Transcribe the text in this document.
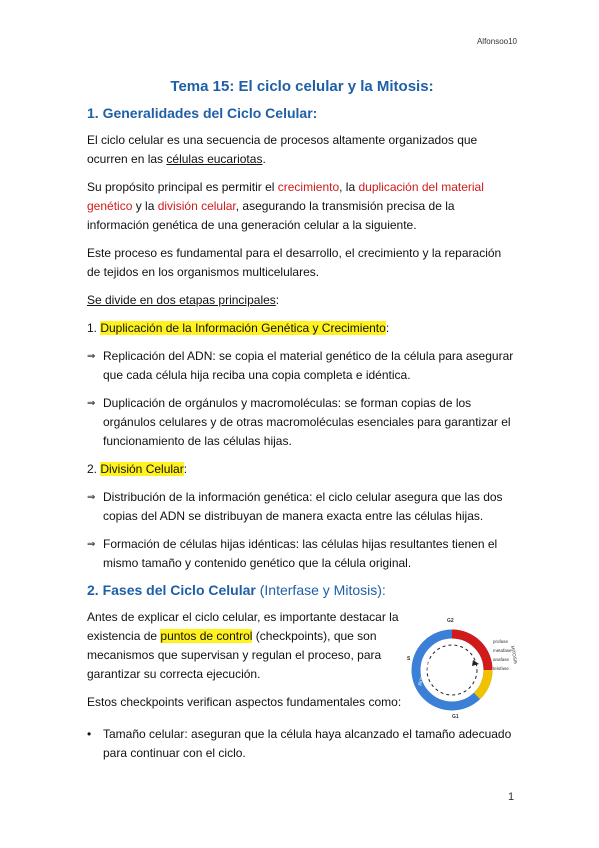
Alfonsoo10
Tema 15: El ciclo celular y la Mitosis:
1. Generalidades del Ciclo Celular:

El ciclo celular es una secuencia de procesos altamente organizados que ocurren en las células eucariotas.

Su propósito principal es permitir el crecimiento, la duplicación del material genético y la división celular, asegurando la transmisión precisa de la información genética de una generación celular a la siguiente.

Este proceso es fundamental para el desarrollo, el crecimiento y la reparación de tejidos en los organismos multicelulares.

Se divide en dos etapas principales:

1. Duplicación de la Información Genética y Crecimiento:

⇒ Replicación del ADN: se copia el material genético de la célula para asegurar que cada célula hija reciba una copia completa e idéntica.
⇒ Duplicación de orgánulos y macromoléculas: se forman copias de los orgánulos celulares y de otras macromoléculas esenciales para garantizar el funcionamiento de las células hijas.

2. División Celular:

⇒ Distribución de la información genética: el ciclo celular asegura que las dos copias del ADN se distribuyan de manera exacta entre las células hijas.
⇒ Formación de células hijas idénticas: las células hijas resultantes tienen el mismo tamaño y contenido genético que la célula original.
2. Fases del Ciclo Celular (Interfase y Mitosis):

Antes de explicar el ciclo celular, es importante destacar la existencia de puntos de control (checkpoints), que son mecanismos que supervisan y regulan el proceso, para garantizar su correcta ejecución.

Estos checkpoints verifican aspectos fundamentales como:

G2
G1
S INTERFASE
profase
metafase
anafase
telofase
MITOSIS
• Tamaño celular: aseguran que la célula haya alcanzado el tamaño adecuado para continuar con el ciclo.
1
